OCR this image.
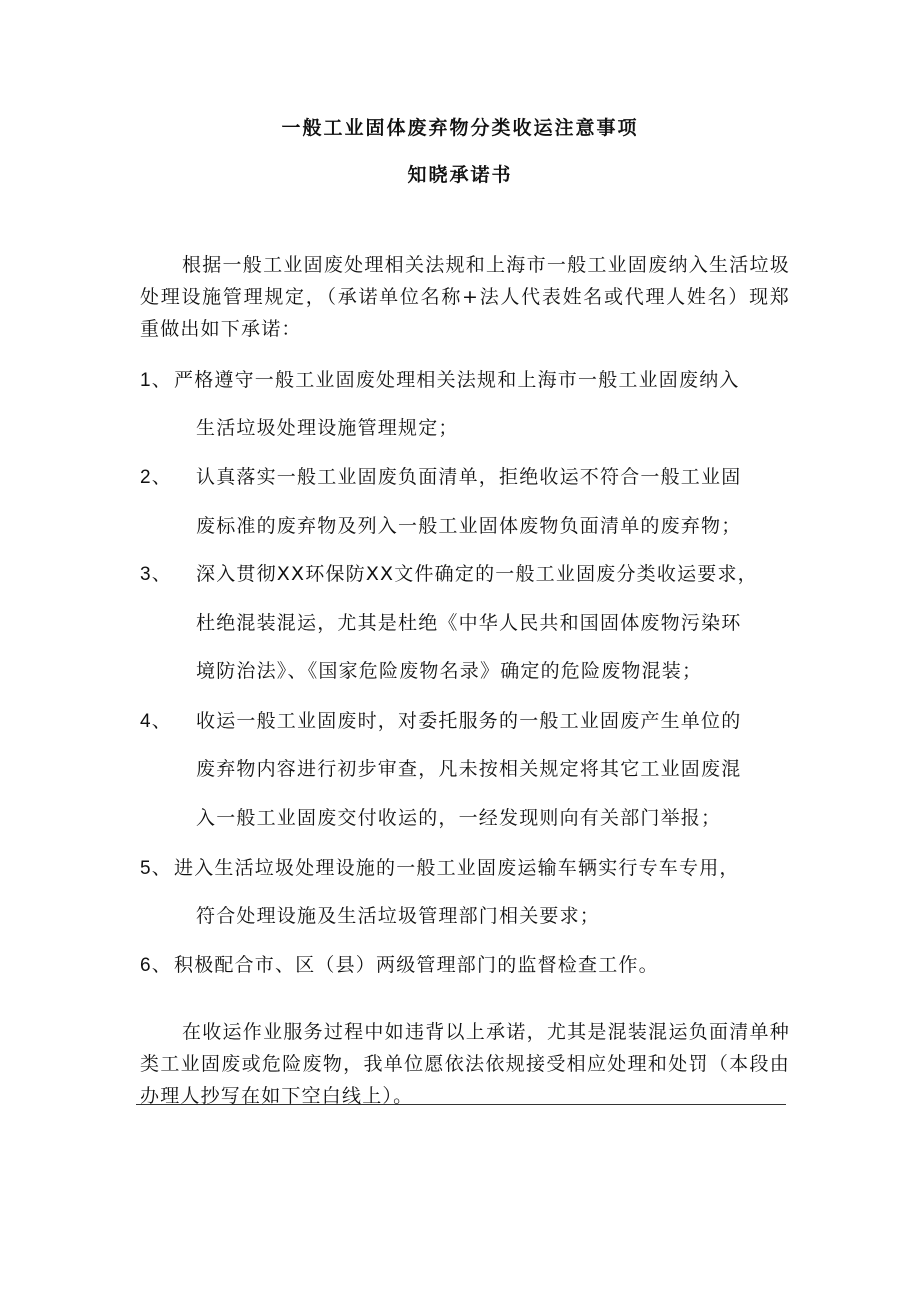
一般工业固体废弃物分类收运注意事项
知晓承诺书
根据一般工业固废处理相关法规和上海市一般工业固废纳入生活垃圾处理设施管理规定，（承诺单位名称+法人代表姓名或代理人姓名）现郑重做出如下承诺：
1、 严格遵守一般工业固废处理相关法规和上海市一般工业固废纳入
生活垃圾处理设施管理规定；
2、 认真落实一般工业固废负面清单，拒绝收运不符合一般工业固
废标准的废弃物及列入一般工业固体废物负面清单的废弃物；
3、 深入贯彻XX环保防XX文件确定的一般工业固废分类收运要求，
杜绝混装混运，尤其是杜绝《中华人民共和国固体废物污染环
境防治法》、《国家危险废物名录》确定的危险废物混装；
4、 收运一般工业固废时，对委托服务的一般工业固废产生单位的
废弃物内容进行初步审查，凡未按相关规定将其它工业固废混
入一般工业固废交付收运的，一经发现则向有关部门举报；
5、 进入生活垃圾处理设施的一般工业固废运输车辆实行专车专用，
符合处理设施及生活垃圾管理部门相关要求；
6、 积极配合市、区（县）两级管理部门的监督检查工作。
在收运作业服务过程中如违背以上承诺，尤其是混装混运负面清单种类工业固废或危险废物，我单位愿依法依规接受相应处理和处罚（本段由办理人抄写在如下空白线上）。
